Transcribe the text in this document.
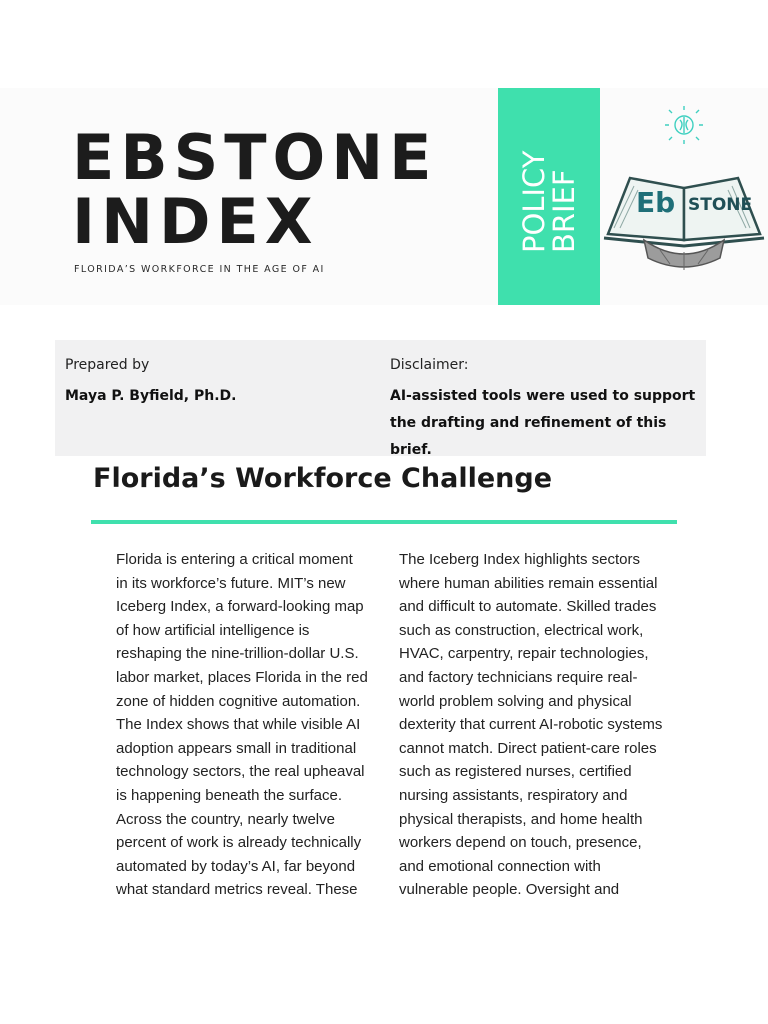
EBSTONE
INDEX
FLORIDA’S WORKFORCE IN THE AGE OF AI
POLICY
BRIEF Eb STONE
Prepared by
Maya P. Byfield, Ph.D.
Disclaimer:
AI-assisted tools were used to support
the drafting and refinement of this brief.
Florida’s Workforce Challenge
Florida is entering a critical moment
in its workforce’s future. MIT’s new
Iceberg Index, a forward-looking map
of how artificial intelligence is
reshaping the nine-trillion-dollar U.S.
labor market, places Florida in the red
zone of hidden cognitive automation.
The Index shows that while visible AI
adoption appears small in traditional
technology sectors, the real upheaval
is happening beneath the surface.
Across the country, nearly twelve
percent of work is already technically
automated by today’s AI, far beyond
what standard metrics reveal. These
The Iceberg Index highlights sectors
where human abilities remain essential
and difficult to automate. Skilled trades
such as construction, electrical work,
HVAC, carpentry, repair technologies,
and factory technicians require real-
world problem solving and physical
dexterity that current AI-robotic systems
cannot match. Direct patient-care roles
such as registered nurses, certified
nursing assistants, respiratory and
physical therapists, and home health
workers depend on touch, presence,
and emotional connection with
vulnerable people. Oversight and
